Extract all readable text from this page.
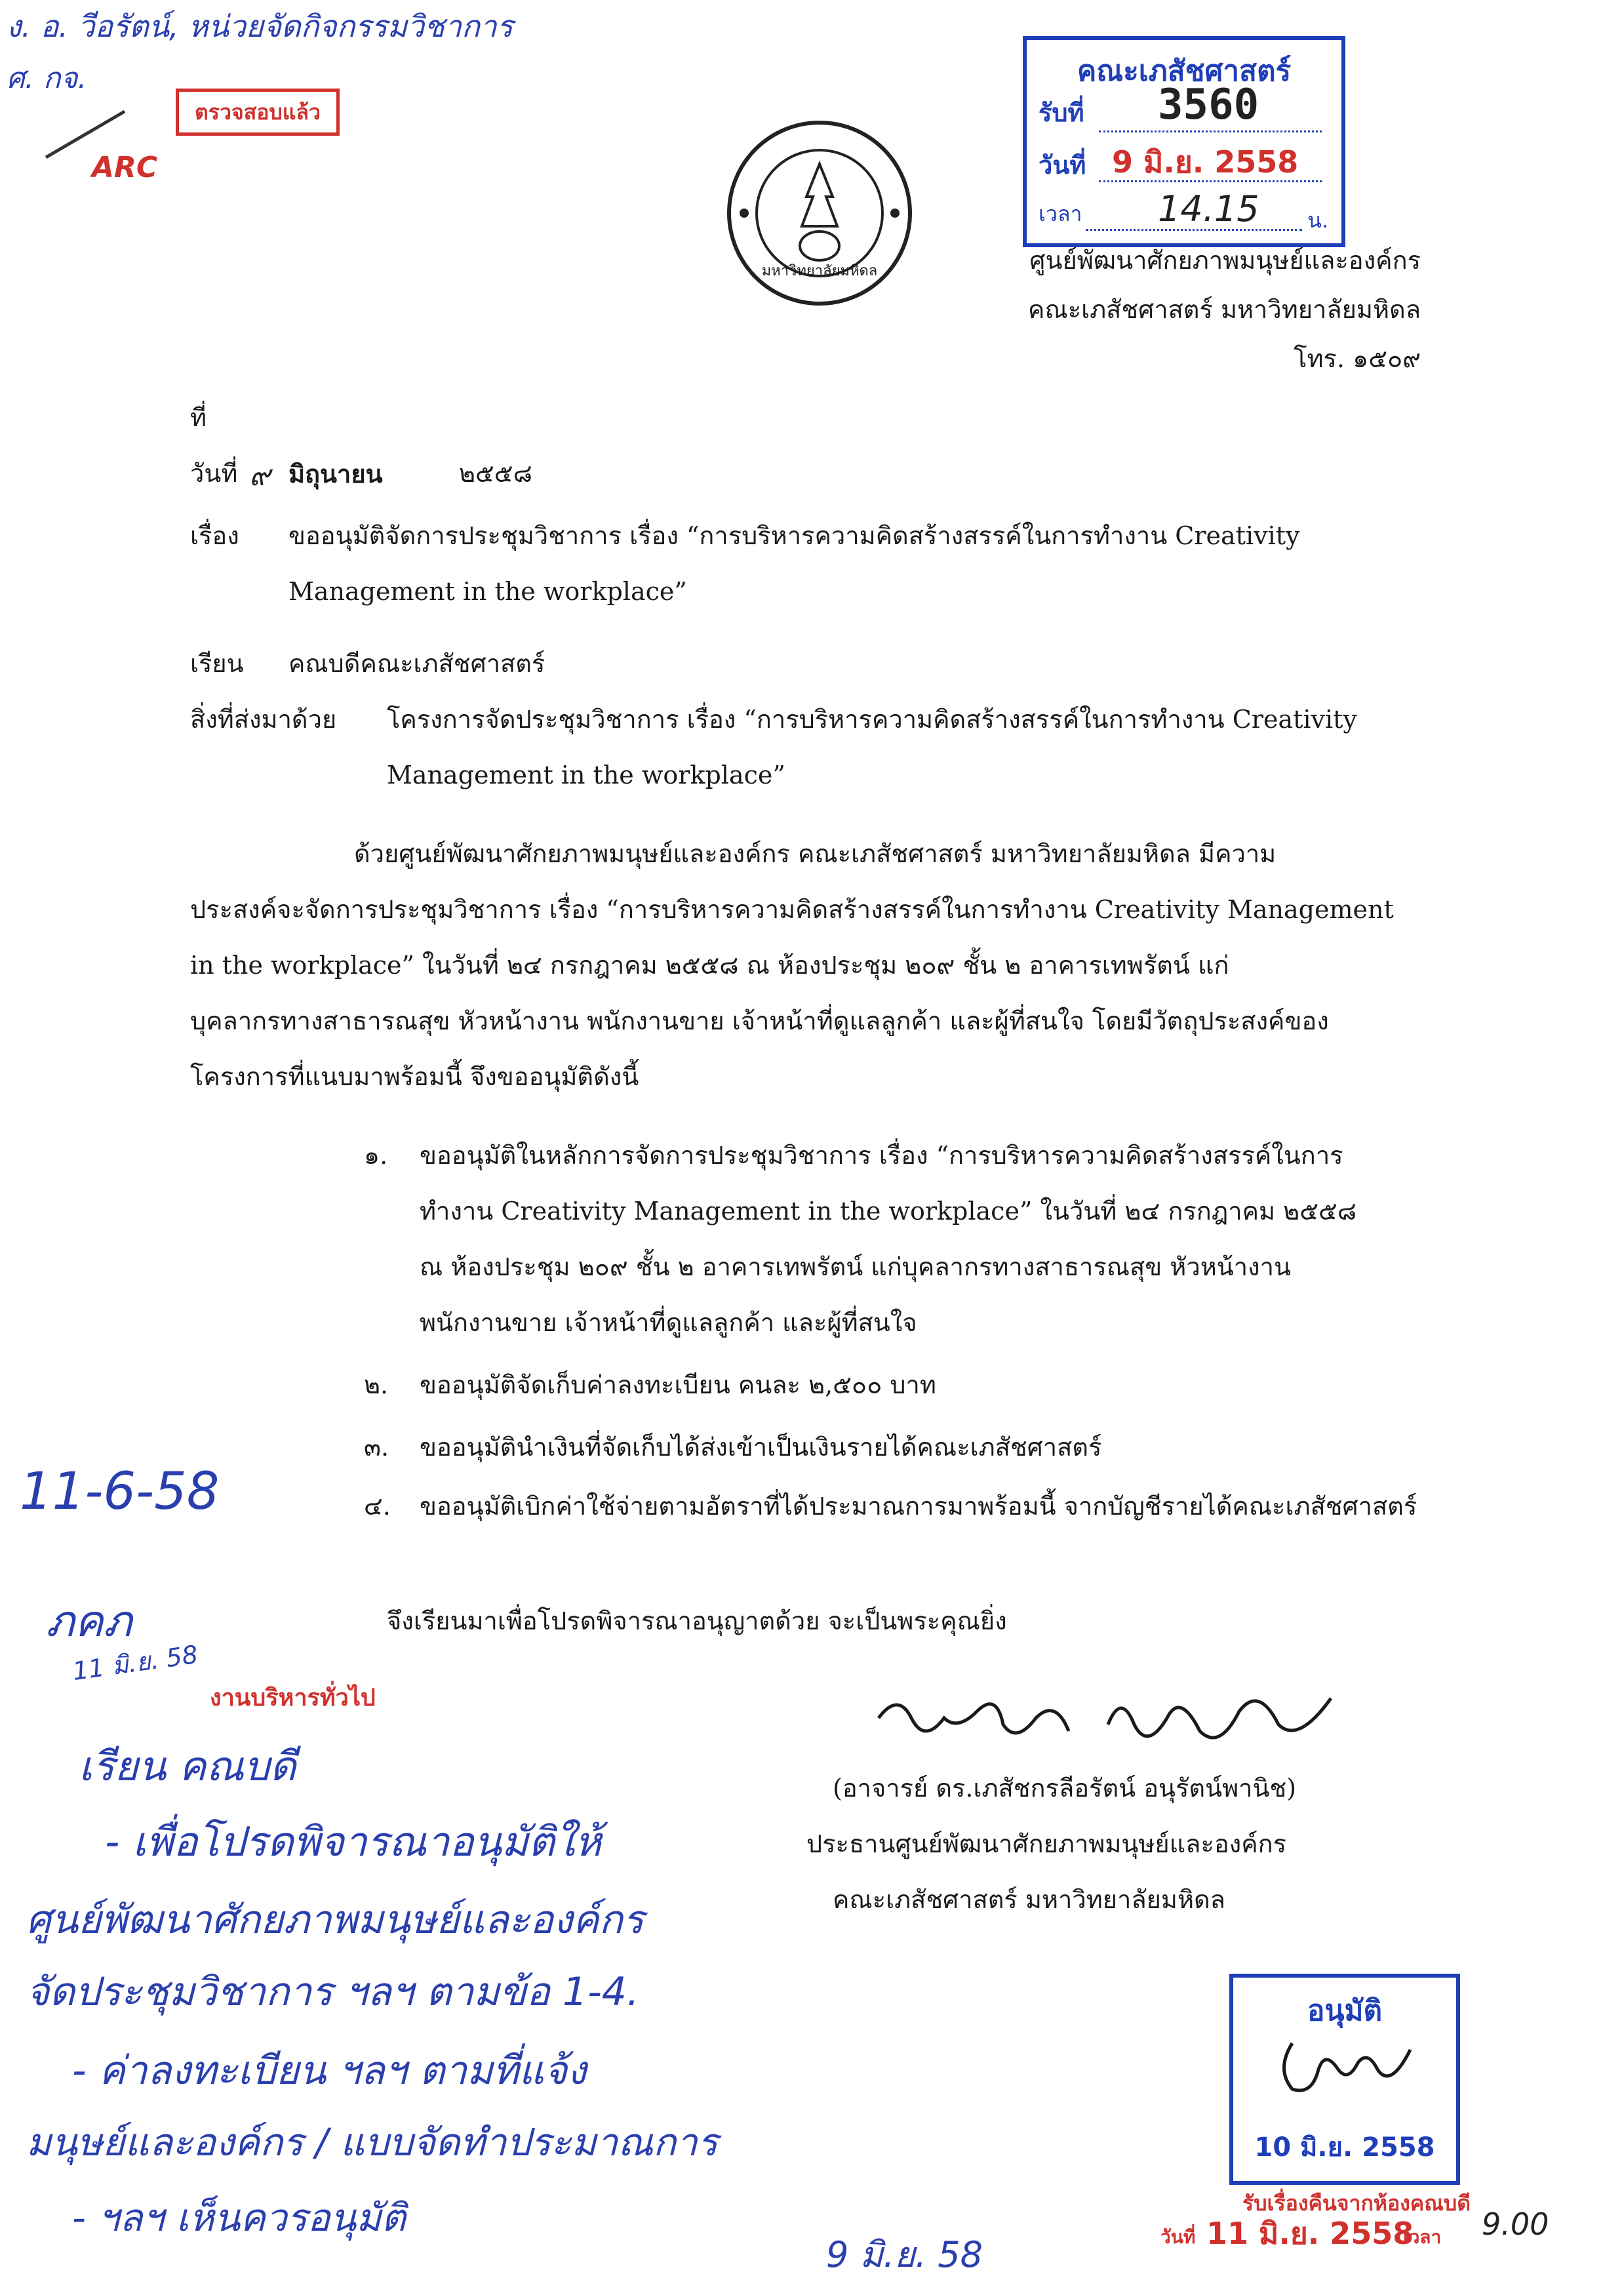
ง. อ. วีอรัตน์, หน่วยจัดกิจกรรมวิชาการ
ศ. กจ.
ARC
ตรวจสอบแล้ว
มหาวิทยาลัยมหิดล
คณะเภสัชศาสตร์
รับที่ 3560
วันที่ 9 มิ.ย. 2558
เวลา 14.15 น.
ศูนย์พัฒนาศักยภาพมนุษย์และองค์กร
คณะเภสัชศาสตร์ มหาวิทยาลัยมหิดล
โทร. ๑๕๐๙
ที่
วันที่ ๙ มิถุนายน	๒๕๕๘
เรื่อง ขออนุมัติจัดการประชุมวิชาการ เรื่อง “การบริหารความคิดสร้างสรรค์ในการทำงาน Creativity
Management in the workplace”
เรียน คณบดีคณะเภสัชศาสตร์
สิ่งที่ส่งมาด้วย โครงการจัดประชุมวิชาการ เรื่อง “การบริหารความคิดสร้างสรรค์ในการทำงาน Creativity
Management in the workplace”
ด้วยศูนย์พัฒนาศักยภาพมนุษย์และองค์กร คณะเภสัชศาสตร์ มหาวิทยาลัยมหิดล มีความ
ประสงค์จะจัดการประชุมวิชาการ เรื่อง “การบริหารความคิดสร้างสรรค์ในการทำงาน Creativity Management
in the workplace” ในวันที่ ๒๔ กรกฎาคม ๒๕๕๘ ณ ห้องประชุม ๒๐๙ ชั้น ๒ อาคารเทพรัตน์ แก่
บุคลากรทางสาธารณสุข หัวหน้างาน พนักงานขาย เจ้าหน้าที่ดูแลลูกค้า และผู้ที่สนใจ โดยมีวัตถุประสงค์ของ
โครงการที่แนบมาพร้อมนี้ จึงขออนุมัติดังนี้
๑. ขออนุมัติในหลักการจัดการประชุมวิชาการ เรื่อง “การบริหารความคิดสร้างสรรค์ในการ
ทำงาน Creativity Management in the workplace” ในวันที่ ๒๔ กรกฎาคม ๒๕๕๘
ณ ห้องประชุม ๒๐๙ ชั้น ๒ อาคารเทพรัตน์ แก่บุคลากรทางสาธารณสุข หัวหน้างาน
พนักงานขาย เจ้าหน้าที่ดูแลลูกค้า และผู้ที่สนใจ
๒. ขออนุมัติจัดเก็บค่าลงทะเบียน คนละ ๒,๕๐๐ บาท
๓. ขออนุมัตินำเงินที่จัดเก็บได้ส่งเข้าเป็นเงินรายได้คณะเภสัชศาสตร์
๔. ขออนุมัติเบิกค่าใช้จ่ายตามอัตราที่ได้ประมาณการมาพร้อมนี้ จากบัญชีรายได้คณะเภสัชศาสตร์
จึงเรียนมาเพื่อโปรดพิจารณาอนุญาตด้วย จะเป็นพระคุณยิ่ง
(อาจารย์ ดร.เภสัชกรลีอรัตน์ อนุรัตน์พานิช)
ประธานศูนย์พัฒนาศักยภาพมนุษย์และองค์กร
คณะเภสัชศาสตร์ มหาวิทยาลัยมหิดล
11-6-58
ภคภ
11 มิ.ย. 58
งานบริหารทั่วไป
เรียน คณบดี
- เพื่อโปรดพิจารณาอนุมัติให้
ศูนย์พัฒนาศักยภาพมนุษย์และองค์กร
จัดประชุมวิชาการ ฯลฯ ตามข้อ 1-4.
- ค่าลงทะเบียน ฯลฯ ตามที่แจ้ง
มนุษย์และองค์กร / แบบจัดทำประมาณการ
- ฯลฯ เห็นควรอนุมัติ
9 มิ.ย. 58
อนุมัติ
10 มิ.ย. 2558
รับเรื่องคืนจากห้องคณบดี
วันที่ 11 มิ.ย. 2558
เวลา 9.00
